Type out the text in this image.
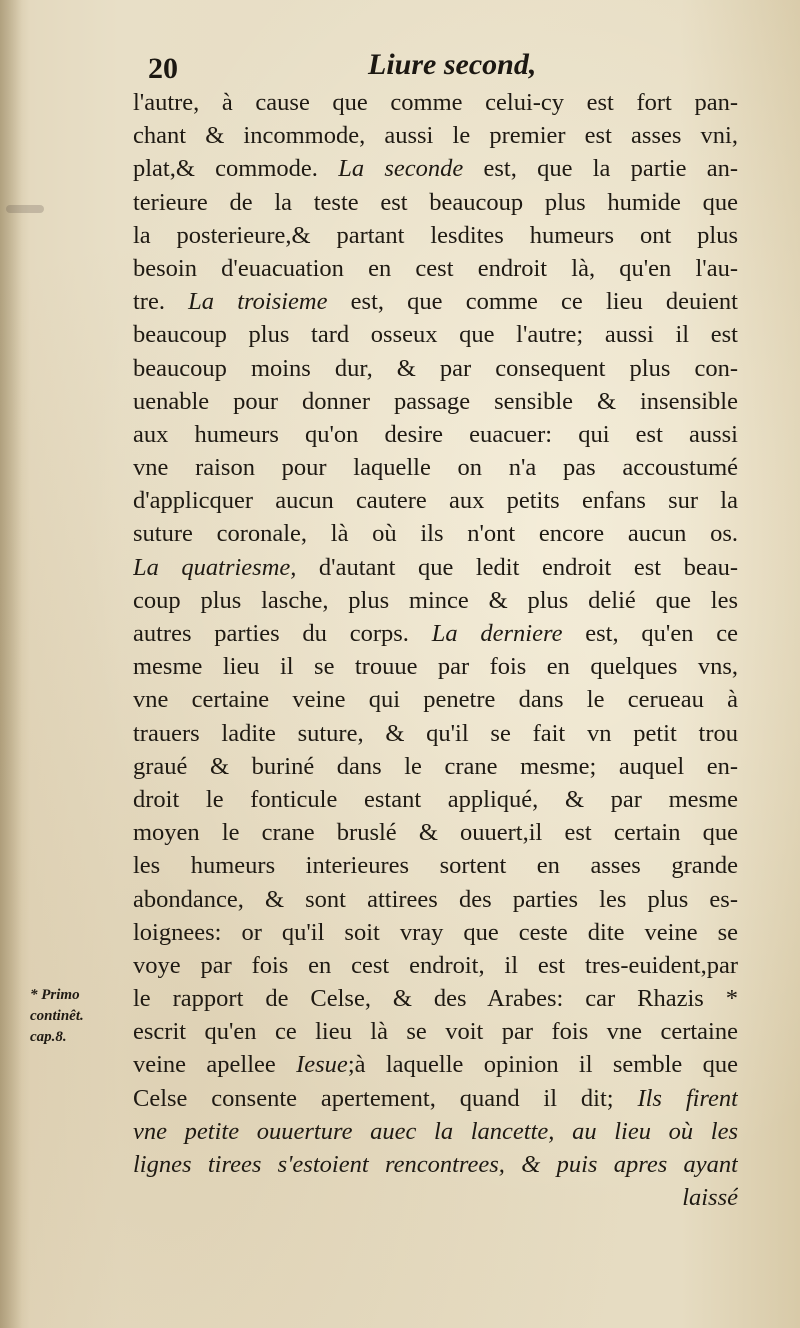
20	Liure second,
* Primo
continêt.
cap.8.
l'autre, à cause que comme celui-cy est fort pan-
chant & incommode, aussi le premier est asses vni,
plat,& commode. La seconde est, que la partie an-
terieure de la teste est beaucoup plus humide que
la posterieure,& partant lesdites humeurs ont plus
besoin d'euacuation en cest endroit là, qu'en l'au-
tre. La troisieme est, que comme ce lieu deuient
beaucoup plus tard osseux que l'autre; aussi il est
beaucoup moins dur, & par consequent plus con-
uenable pour donner passage sensible & insensible
aux humeurs qu'on desire euacuer: qui est aussi
vne raison pour laquelle on n'a pas accoustumé
d'applicquer aucun cautere aux petits enfans sur la
suture coronale, là où ils n'ont encore aucun os.
La quatriesme, d'autant que ledit endroit est beau-
coup plus lasche, plus mince & plus delié que les
autres parties du corps. La derniere est, qu'en ce
mesme lieu il se trouue par fois en quelques vns,
vne certaine veine qui penetre dans le cerueau à
trauers ladite suture, & qu'il se fait vn petit trou
graué & buriné dans le crane mesme; auquel en-
droit le fonticule estant appliqué, & par mesme
moyen le crane bruslé & ouuert,il est certain que
les humeurs interieures sortent en asses grande
abondance, & sont attirees des parties les plus es-
loignees: or qu'il soit vray que ceste dite veine se
voye par fois en cest endroit, il est tres-euident,par
le rapport de Celse, & des Arabes: car Rhazis *
escrit qu'en ce lieu là se voit par fois vne certaine
veine apellee Iesue;à laquelle opinion il semble que
Celse consente apertement, quand il dit; Ils firent
vne petite ouuerture auec la lancette, au lieu où les
lignes tirees s'estoient rencontrees, & puis apres ayant
laissé
